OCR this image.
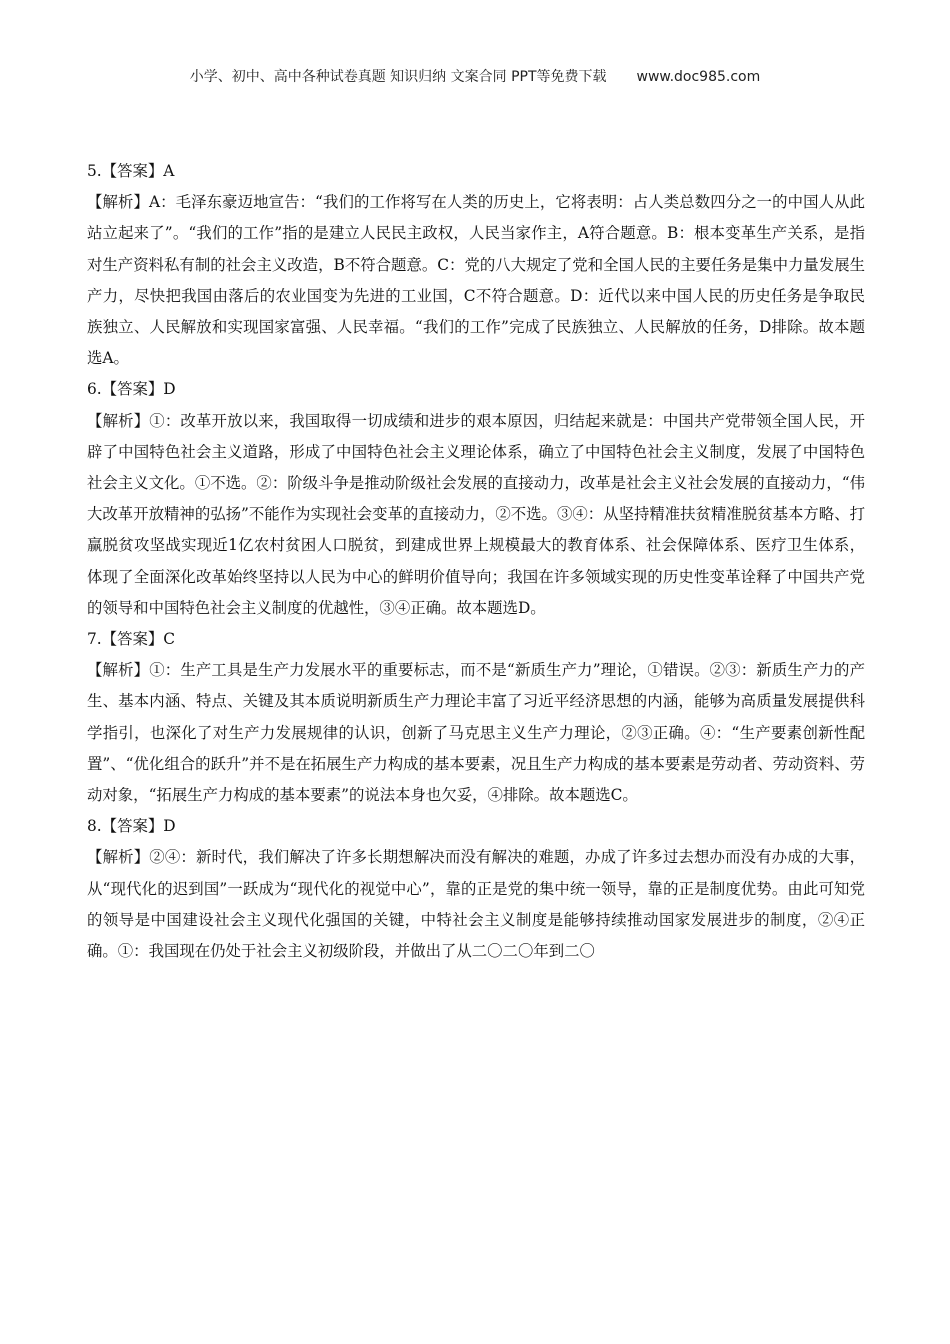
小学、初中、高中各种试卷真题 知识归纳 文案合同 PPT等免费下载 www.doc985.com

5.【答案】A

【解析】A：毛泽东豪迈地宣告：“我们的工作将写在人类的历史上，它将表明：占人类总数四分之一的中国人从此站立起来了”。“我们的工作”指的是建立人民民主政权，人民当家作主，A符合题意。B：根本变革生产关系，是指对生产资料私有制的社会主义改造，B不符合题意。C：党的八大规定了党和全国人民的主要任务是集中力量发展生产力，尽快把我国由落后的农业国变为先进的工业国，C不符合题意。D：近代以来中国人民的历史任务是争取民族独立、人民解放和实现国家富强、人民幸福。“我们的工作”完成了民族独立、人民解放的任务，D排除。故本题选A。

6.【答案】D

【解析】①：改革开放以来，我国取得一切成绩和进步的艰本原因，归结起来就是：中国共产党带领全国人民，开辟了中国特色社会主义道路，形成了中国特色社会主义理论体系，确立了中国特色社会主义制度，发展了中国特色社会主义文化。①不选。②：阶级斗争是推动阶级社会发展的直接动力，改革是社会主义社会发展的直接动力，“伟大改革开放精神的弘扬”不能作为实现社会变革的直接动力，②不选。③④：从坚持精准扶贫精准脱贫基本方略、打赢脱贫攻坚战实现近1亿农村贫困人口脱贫，到建成世界上规模最大的教育体系、社会保障体系、医疗卫生体系，体现了全面深化改革始终坚持以人民为中心的鲜明价值导向；我国在许多领域实现的历史性变革诠释了中国共产党的领导和中国特色社会主义制度的优越性，③④正确。故本题选D。

7.【答案】C

【解析】①：生产工具是生产力发展水平的重要标志，而不是“新质生产力”理论，①错误。②③：新质生产力的产生、基本内涵、特点、关键及其本质说明新质生产力理论丰富了习近平经济思想的内涵，能够为高质量发展提供科学指引，也深化了对生产力发展规律的认识，创新了马克思主义生产力理论，②③正确。④：“生产要素创新性配置”、“优化组合的跃升”并不是在拓展生产力构成的基本要素，况且生产力构成的基本要素是劳动者、劳动资料、劳动对象，“拓展生产力构成的基本要素”的说法本身也欠妥，④排除。故本题选C。

8.【答案】D

【解析】②④：新时代，我们解决了许多长期想解决而没有解决的难题，办成了许多过去想办而没有办成的大事，从“现代化的迟到国”一跃成为“现代化的视觉中心”，靠的正是党的集中统一领导，靠的正是制度优势。由此可知党的领导是中国建设社会主义现代化强国的关键，中特社会主义制度是能够持续推动国家发展进步的制度，②④正确。①：我国现在仍处于社会主义初级阶段，并做出了从二〇二〇年到二〇
